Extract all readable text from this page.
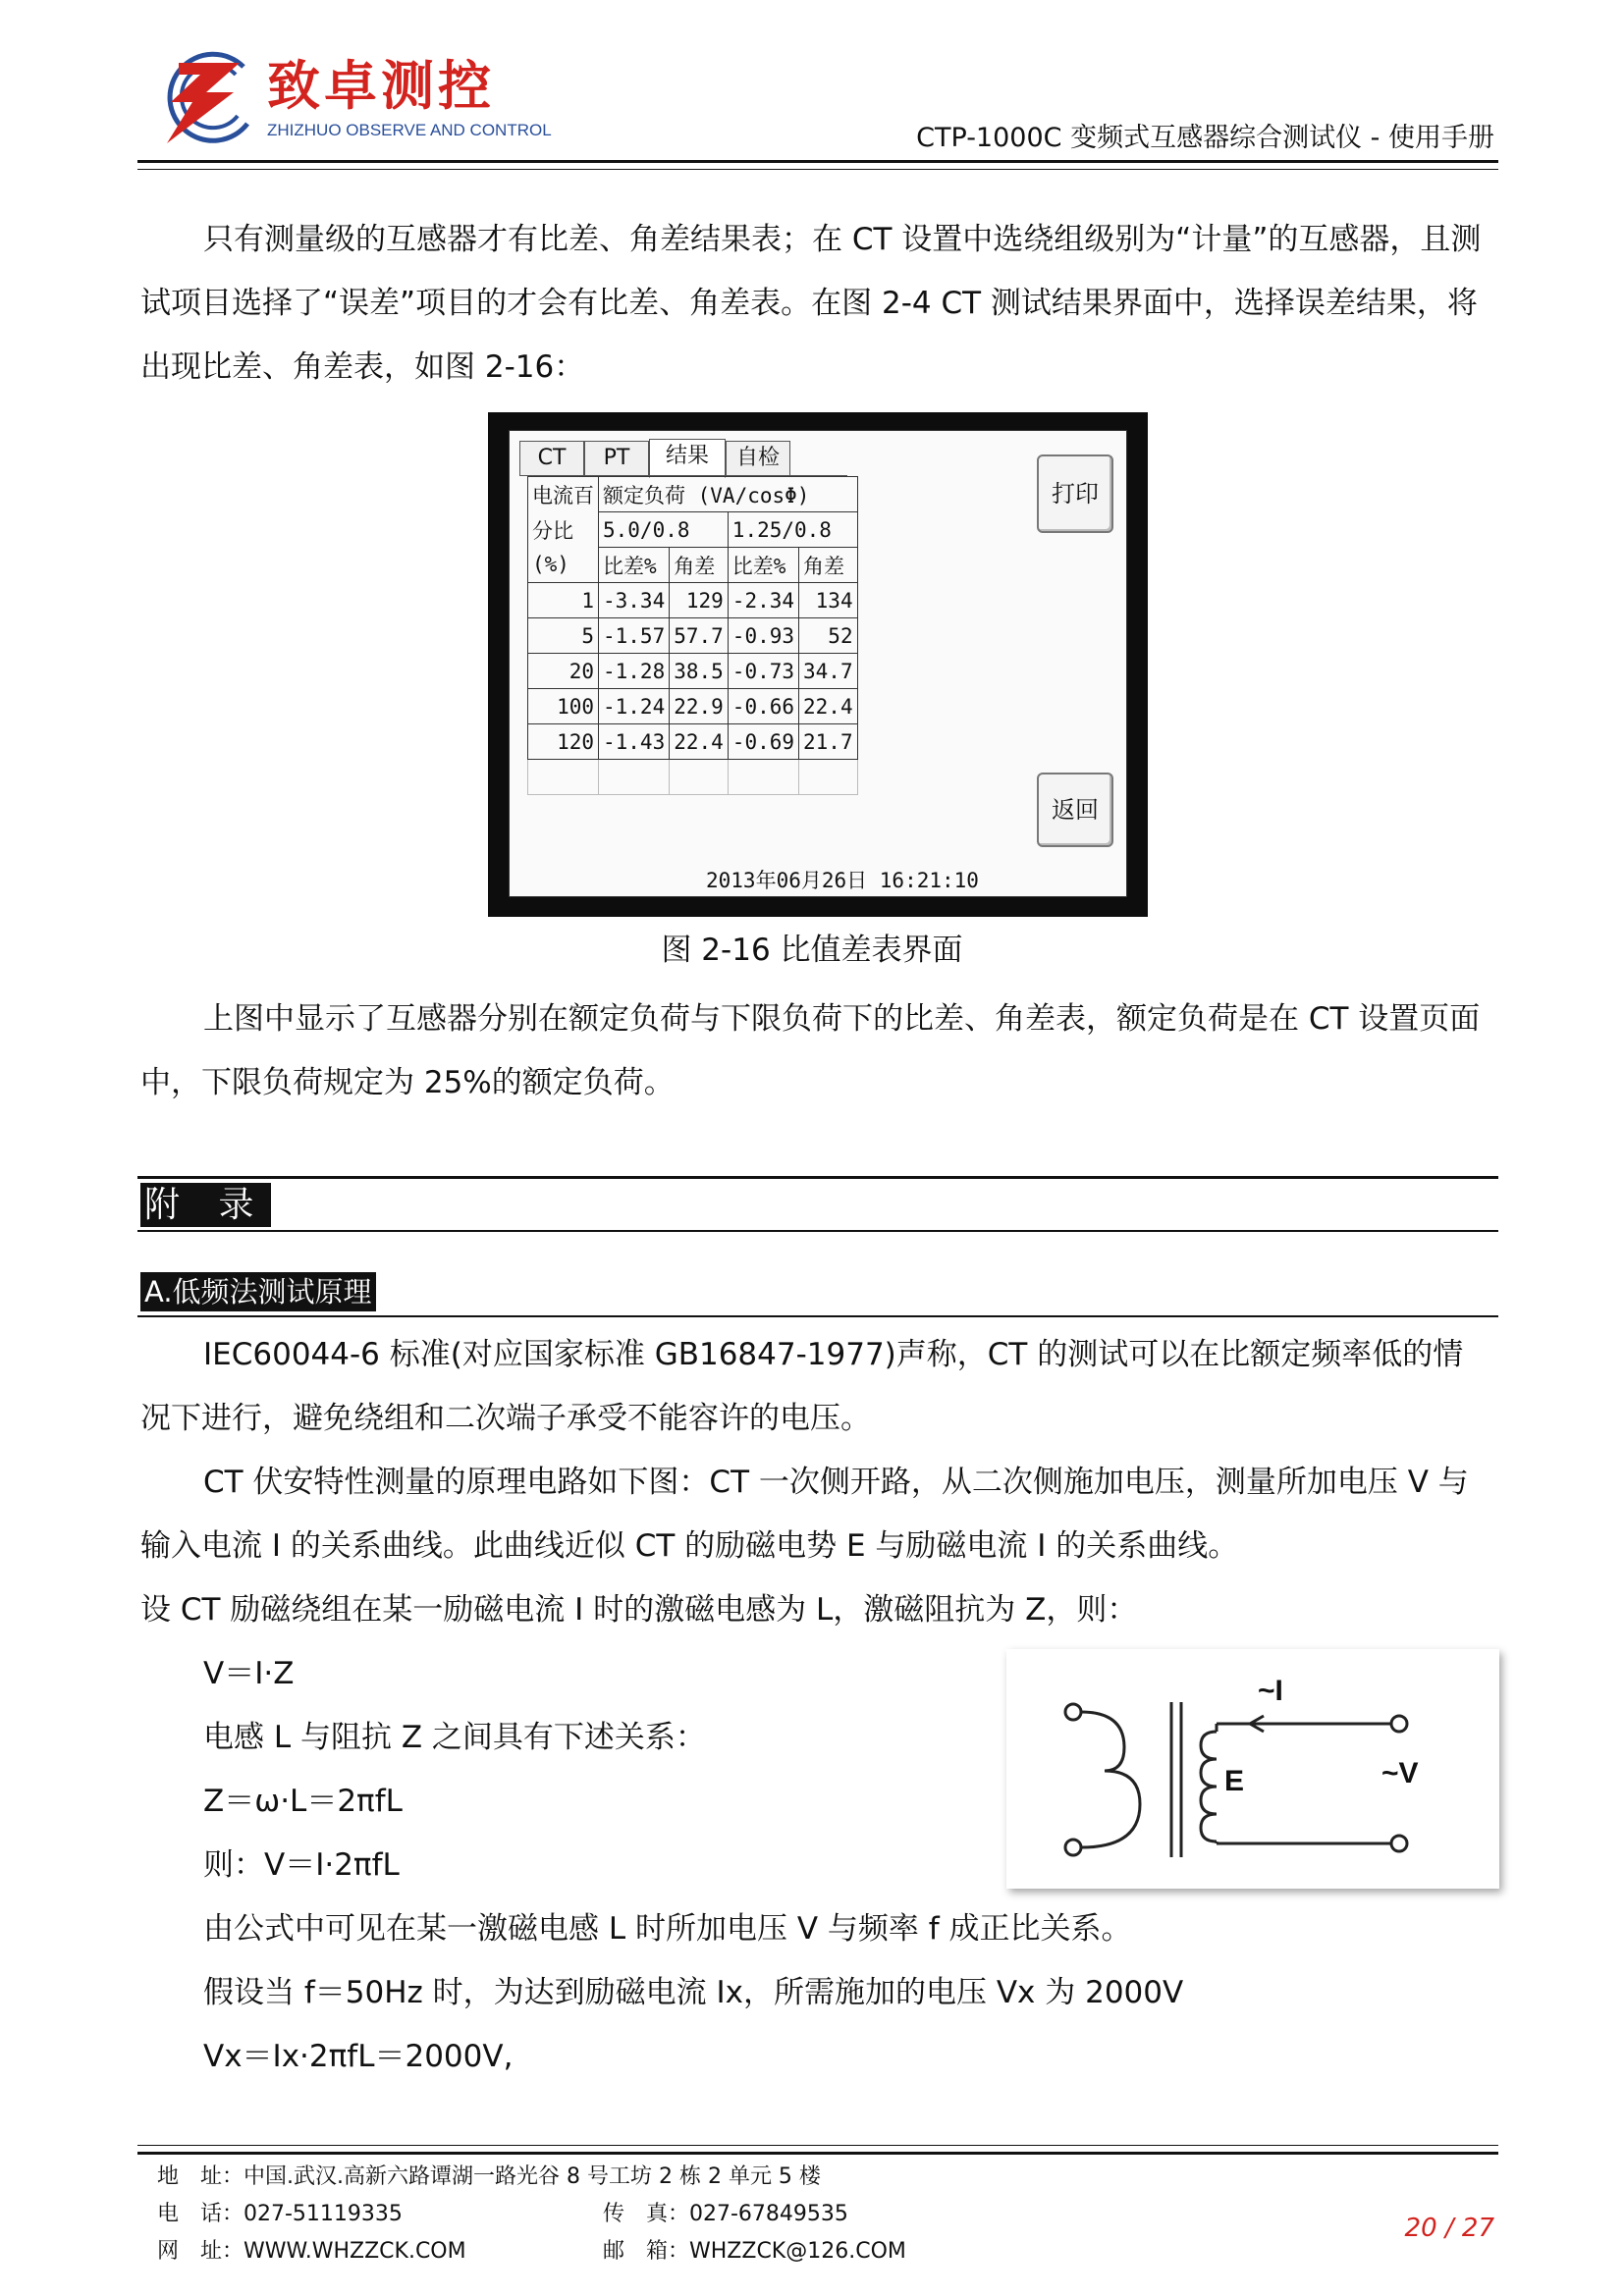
致卓测控
ZHIZHUO OBSERVE AND CONTROL	CTP-1000C 变频式互感器综合测试仪 - 使用手册
只有测量级的互感器才有比差、角差结果表；在 CT 设置中选绕组级别为“计量”的互感器，且测试项目选择了“误差”项目的才会有比差、角差表。在图 2-4 CT 测试结果界面中，选择误差结果，将出现比差、角差表，如图 2-16：
CT	PT	结果	自检
电流百	额定负荷 (VA/cosΦ)			
分比	5.0/0.8		1.25/0.8	
(%)	比差%	角差	比差%	角差
1	-3.34	129	-2.34	134
5	-1.57	57.7	-0.93	52
20	-1.28	38.5	-0.73	34.7
100	-1.24	22.9	-0.66	22.4
120	-1.43	22.4	-0.69	21.7

打印
返回
2013年06月26日 16:21:10
图 2-16 比值差表界面
上图中显示了互感器分别在额定负荷与下限负荷下的比差、角差表，额定负荷是在 CT 设置页面中，下限负荷规定为 25%的额定负荷。
附 录
A.低频法测试原理
IEC60044-6 标准(对应国家标准 GB16847-1977)声称，CT 的测试可以在比额定频率低的情况下进行，避免绕组和二次端子承受不能容许的电压。
CT 伏安特性测量的原理电路如下图：CT 一次侧开路，从二次侧施加电压，测量所加电压 V 与输入电流 I 的关系曲线。此曲线近似 CT 的励磁电势 E 与励磁电流 I 的关系曲线。
设 CT 励磁绕组在某一励磁电流 I 时的激磁电感为 L，激磁阻抗为 Z，则：
V＝I·Z
电感 L 与阻抗 Z 之间具有下述关系：
Z＝ω·L＝2πfL
则：V＝I·2πfL
由公式中可见在某一激磁电感 L 时所加电压 V 与频率 f 成正比关系。
假设当 f＝50Hz 时，为达到励磁电流 Ix，所需施加的电压 Vx 为 2000V
Vx＝Ix·2πfL＝2000V,
~I
E	~V
地　址：中国.武汉.高新六路谭湖一路光谷 8 号工坊 2 栋 2 单元 5 楼
电　话：027-51119335	传　真：027-67849535
网　址：WWW.WHZZCK.COM	邮　箱：WHZZCK@126.COM
20 / 27
